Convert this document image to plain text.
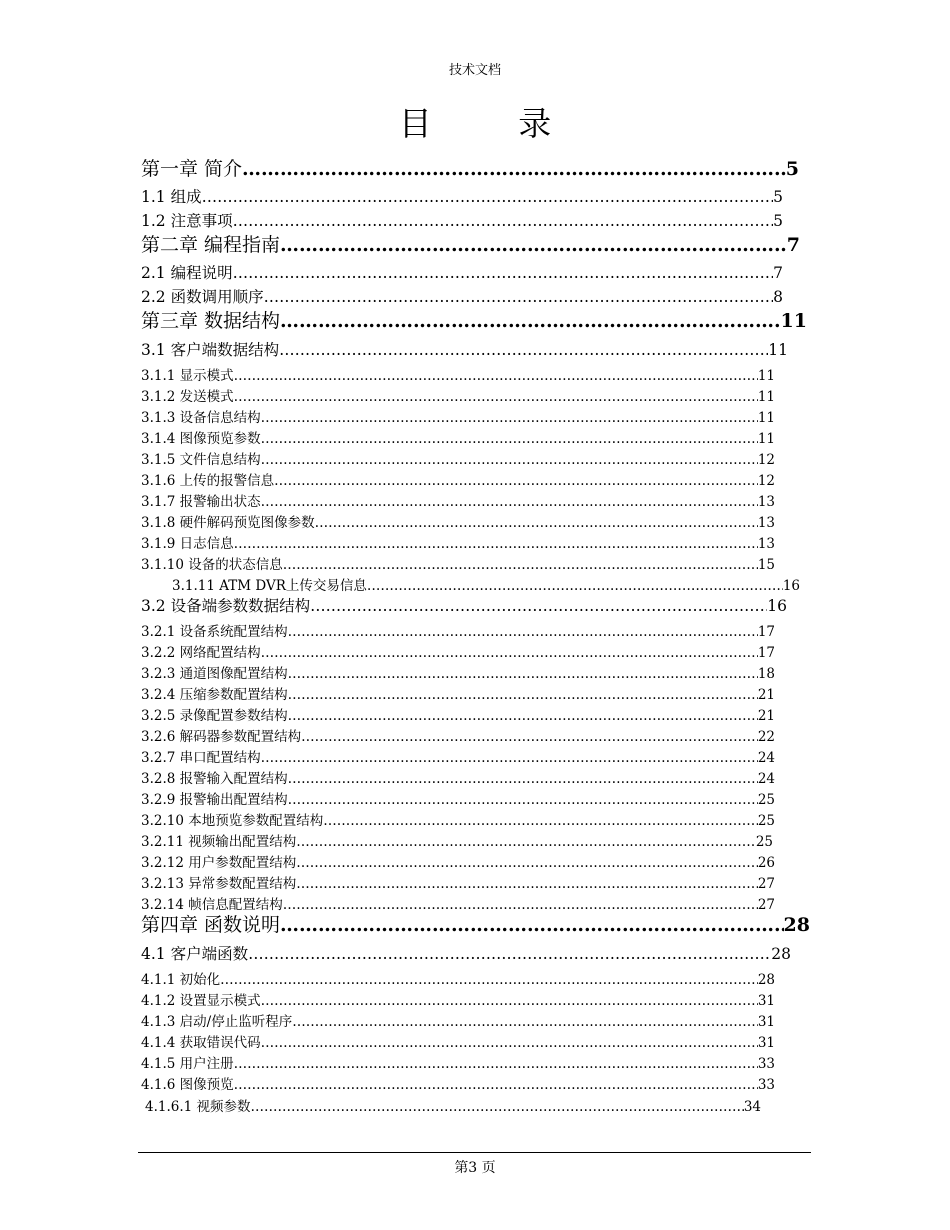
技术文档
目 录
第一章 简介 ………………………………………………………………………………………………………………………………………………………………………………………………………………………………	5
1.1 组成 ………………………………………………………………………………………………………………………………………………………………………………………………………………………………	5
1.2 注意事项 ………………………………………………………………………………………………………………………………………………………………………………………………………………………………	5
第二章 编程指南 ………………………………………………………………………………………………………………………………………………………………………………………………………………………………	7
2.1 编程说明 ………………………………………………………………………………………………………………………………………………………………………………………………………………………………	7
2.2 函数调用顺序 ………………………………………………………………………………………………………………………………………………………………………………………………………………………………	8
第三章 数据结构 ………………………………………………………………………………………………………………………………………………………………………………………………………………………………	11
3.1 客户端数据结构 ………………………………………………………………………………………………………………………………………………………………………………………………………………………………	11
3.1.1 显示模式 ………………………………………………………………………………………………………………………………………………………………………………………………………………………………	11
3.1.2 发送模式 ………………………………………………………………………………………………………………………………………………………………………………………………………………………………	11
3.1.3 设备信息结构 ………………………………………………………………………………………………………………………………………………………………………………………………………………………………	11
3.1.4 图像预览参数 ………………………………………………………………………………………………………………………………………………………………………………………………………………………………	11
3.1.5 文件信息结构 ………………………………………………………………………………………………………………………………………………………………………………………………………………………………	12
3.1.6 上传的报警信息 ………………………………………………………………………………………………………………………………………………………………………………………………………………………………	12
3.1.7 报警输出状态 ………………………………………………………………………………………………………………………………………………………………………………………………………………………………	13
3.1.8 硬件解码预览图像参数 ………………………………………………………………………………………………………………………………………………………………………………………………………………………………	13
3.1.9 日志信息 ………………………………………………………………………………………………………………………………………………………………………………………………………………………………	13
3.1.10 设备的状态信息 ………………………………………………………………………………………………………………………………………………………………………………………………………………………………	15
3.1.11 ATM DVR上传交易信息 ………………………………………………………………………………………………………………………………………………………………………………………………………………………………	16
3.2 设备端参数数据结构 ………………………………………………………………………………………………………………………………………………………………………………………………………………………………	16
3.2.1 设备系统配置结构 ………………………………………………………………………………………………………………………………………………………………………………………………………………………………	17
3.2.2 网络配置结构 ………………………………………………………………………………………………………………………………………………………………………………………………………………………………	17
3.2.3 通道图像配置结构 ………………………………………………………………………………………………………………………………………………………………………………………………………………………………	18
3.2.4 压缩参数配置结构 ………………………………………………………………………………………………………………………………………………………………………………………………………………………………	21
3.2.5 录像配置参数结构 ………………………………………………………………………………………………………………………………………………………………………………………………………………………………	21
3.2.6 解码器参数配置结构 ………………………………………………………………………………………………………………………………………………………………………………………………………………………………	22
3.2.7 串口配置结构 ………………………………………………………………………………………………………………………………………………………………………………………………………………………………	24
3.2.8 报警输入配置结构 ………………………………………………………………………………………………………………………………………………………………………………………………………………………………	24
3.2.9 报警输出配置结构 ………………………………………………………………………………………………………………………………………………………………………………………………………………………………	25
3.2.10 本地预览参数配置结构 ………………………………………………………………………………………………………………………………………………………………………………………………………………………………	25
3.2.11 视频输出配置结构 ………………………………………………………………………………………………………………………………………………………………………………………………………………………………	25
3.2.12 用户参数配置结构 ………………………………………………………………………………………………………………………………………………………………………………………………………………………………	26
3.2.13 异常参数配置结构 ………………………………………………………………………………………………………………………………………………………………………………………………………………………………	27
3.2.14 帧信息配置结构 ………………………………………………………………………………………………………………………………………………………………………………………………………………………………	27
第四章 函数说明 ………………………………………………………………………………………………………………………………………………………………………………………………………………………………	28
4.1 客户端函数 ………………………………………………………………………………………………………………………………………………………………………………………………………………………………	28
4.1.1 初始化 ………………………………………………………………………………………………………………………………………………………………………………………………………………………………	28
4.1.2 设置显示模式 ………………………………………………………………………………………………………………………………………………………………………………………………………………………………	31
4.1.3 启动/停止监听程序 ………………………………………………………………………………………………………………………………………………………………………………………………………………………………	31
4.1.4 获取错误代码 ………………………………………………………………………………………………………………………………………………………………………………………………………………………………	31
4.1.5 用户注册 ………………………………………………………………………………………………………………………………………………………………………………………………………………………………	33
4.1.6 图像预览 ………………………………………………………………………………………………………………………………………………………………………………………………………………………………	33
4.1.6.1 视频参数 ………………………………………………………………………………………………………………………………………………………………………………………………………………………………	34
第3 页
